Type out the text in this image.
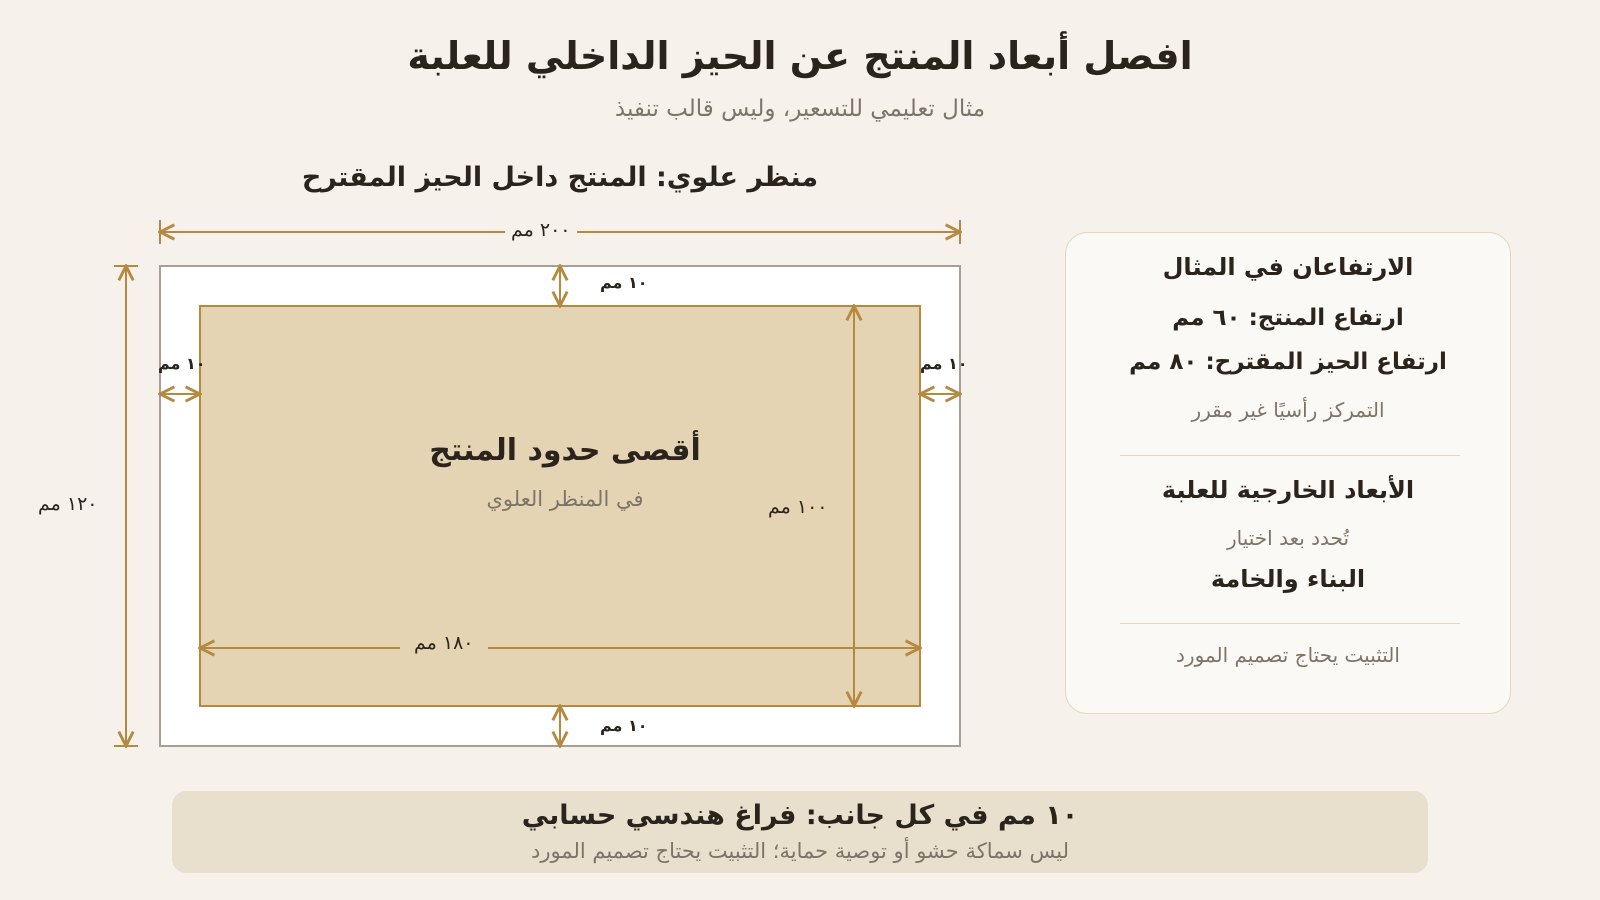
افصل أبعاد المنتج عن الحيز الداخلي للعلبة
مثال تعليمي للتسعير، وليس قالب تنفيذ
منظر علوي: المنتج داخل الحيز المقترح
٢٠٠ مم
١٢٠ مم
١٠ مم
١٠ مم
١٠ مم	١٠ مم
١٨٠ مم
١٠٠ مم
أقصى حدود المنتج
في المنظر العلوي
الارتفاعان في المثال
ارتفاع المنتج: ٦٠ مم
ارتفاع الحيز المقترح: ٨٠ مم
التمركز رأسيًا غير مقرر
الأبعاد الخارجية للعلبة
تُحدد بعد اختيار
البناء والخامة
التثبيت يحتاج تصميم المورد
١٠ مم في كل جانب: فراغ هندسي حسابي
ليس سماكة حشو أو توصية حماية؛ التثبيت يحتاج تصميم المورد
